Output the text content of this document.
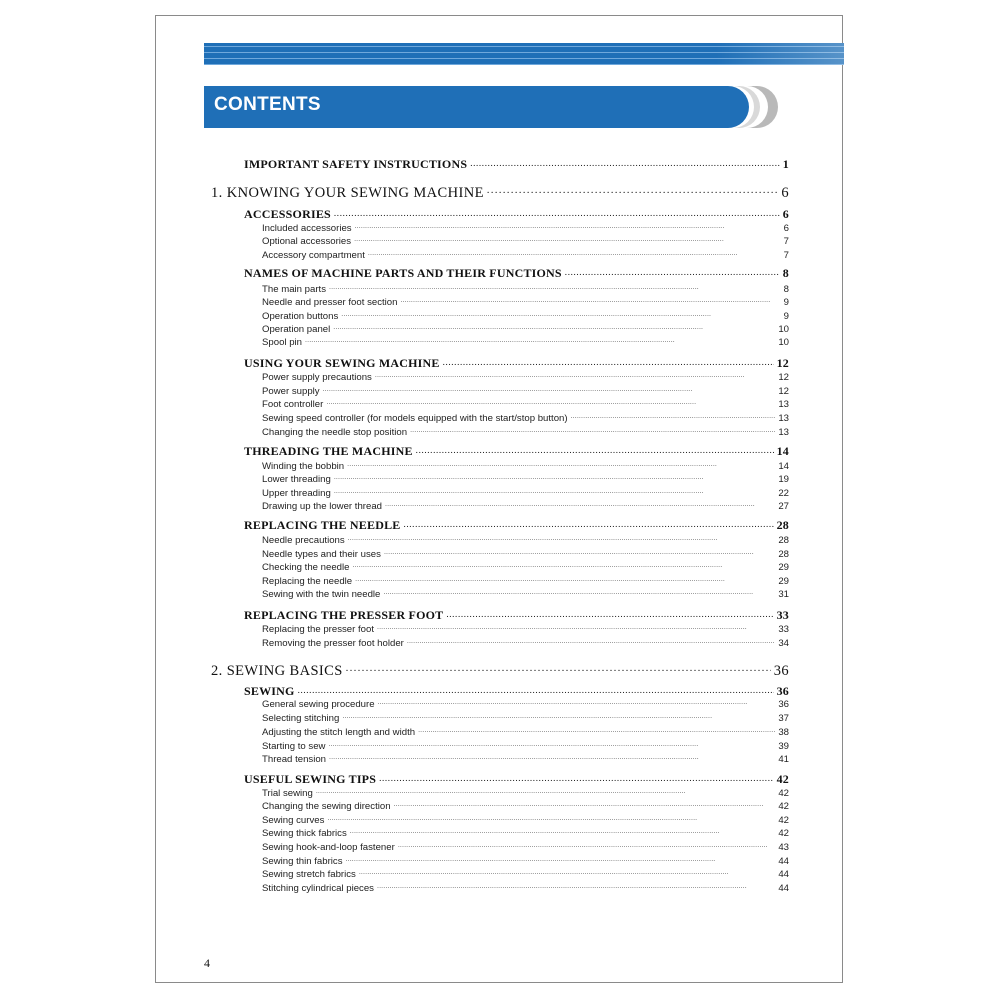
CONTENTS
IMPORTANT SAFETY INSTRUCTIONS . . .	1
1. KNOWING YOUR SEWING MACHINE . . .	6
ACCESSORIES . . .	6
Included accessories . . .	6
Optional accessories . . .	7
Accessory compartment . . .	7
NAMES OF MACHINE PARTS AND THEIR FUNCTIONS . . .	8
The main parts . . .	8
Needle and presser foot section . . .	9
Operation buttons . . .	9
Operation panel . . .	10
Spool pin . . .	10
USING YOUR SEWING MACHINE . . .	12
Power supply precautions . . .	12
Power supply . . .	12
Foot controller . . .	13
Sewing speed controller (for models equipped with the start/stop button) . . .	13
Changing the needle stop position . . .	13
THREADING THE MACHINE . . .	14
Winding the bobbin . . .	14
Lower threading . . .	19
Upper threading . . .	22
Drawing up the lower thread . . .	27
REPLACING THE NEEDLE . . .	28
Needle precautions . . .	28
Needle types and their uses . . .	28
Checking the needle . . .	29
Replacing the needle . . .	29
Sewing with the twin needle . . .	31
REPLACING THE PRESSER FOOT . . .	33
Replacing the presser foot . . .	33
Removing the presser foot holder . . .	34
2. SEWING BASICS . . .	36
SEWING . . .	36
General sewing procedure . . .	36
Selecting stitching . . .	37
Adjusting the stitch length and width . . .	38
Starting to sew . . .	39
Thread tension . . .	41
USEFUL SEWING TIPS . . .	42
Trial sewing . . .	42
Changing the sewing direction . . .	42
Sewing curves . . .	42
Sewing thick fabrics . . .	42
Sewing hook-and-loop fastener . . .	43
Sewing thin fabrics . . .	44
Sewing stretch fabrics . . .	44
Stitching cylindrical pieces . . .	44
4
